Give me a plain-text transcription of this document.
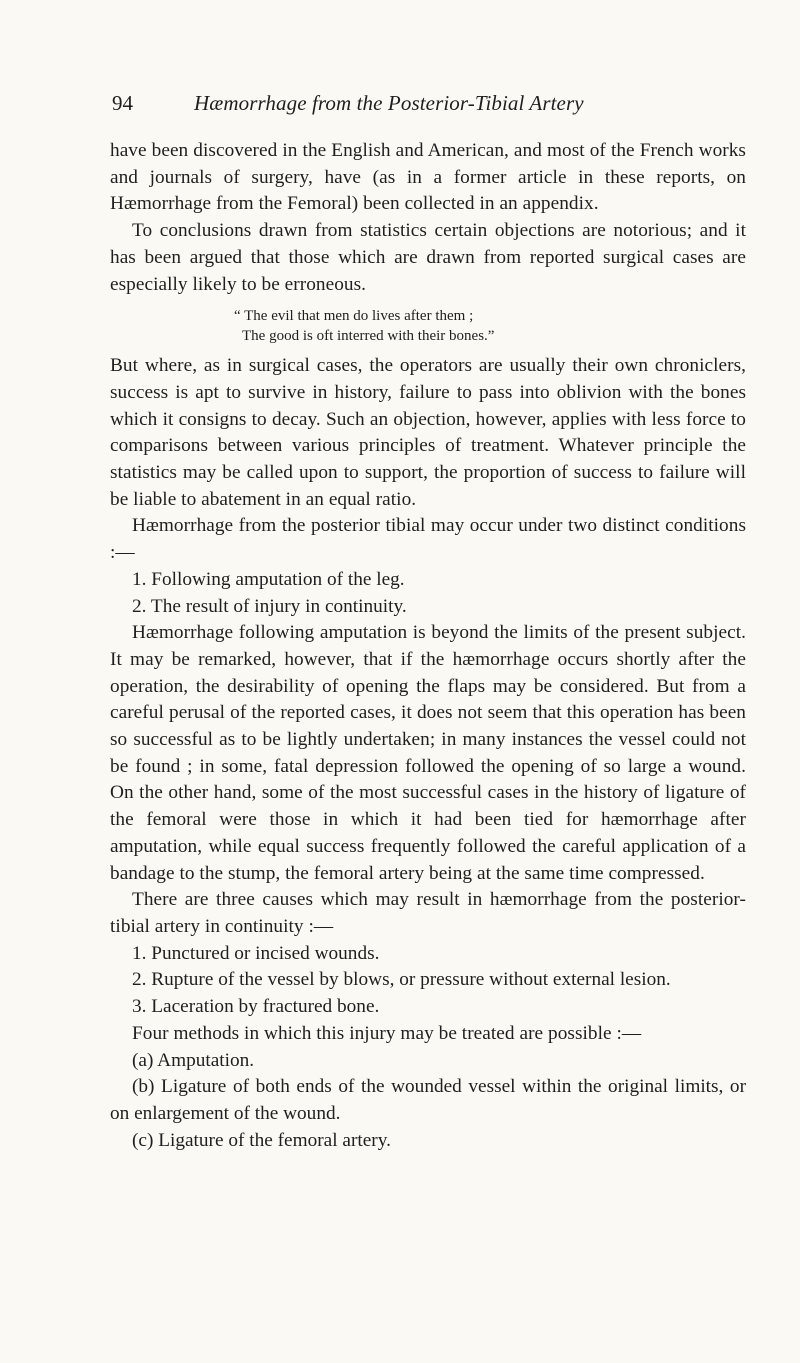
94	Hæmorrhage from the Posterior-Tibial Artery

have been discovered in the English and American, and most of the French works and journals of surgery, have (as in a former article in these reports, on Hæmorrhage from the Femoral) been collected in an appendix.

To conclusions drawn from statistics certain objections are notorious; and it has been argued that those which are drawn from reported surgical cases are especially likely to be erroneous.

“ The evil that men do lives after them ;
The good is oft interred with their bones.”

But where, as in surgical cases, the operators are usually their own chroniclers, success is apt to survive in history, failure to pass into oblivion with the bones which it consigns to decay. Such an objection, however, applies with less force to comparisons between various principles of treatment. Whatever principle the statistics may be called upon to support, the proportion of success to failure will be liable to abatement in an equal ratio.

Hæmorrhage from the posterior tibial may occur under two distinct conditions :—

1. Following amputation of the leg.

2. The result of injury in continuity.

Hæmorrhage following amputation is beyond the limits of the present subject. It may be remarked, however, that if the hæmorrhage occurs shortly after the operation, the desirability of opening the flaps may be considered. But from a careful perusal of the reported cases, it does not seem that this operation has been so successful as to be lightly undertaken; in many instances the vessel could not be found ; in some, fatal depression followed the opening of so large a wound. On the other hand, some of the most successful cases in the history of ligature of the femoral were those in which it had been tied for hæmorrhage after amputation, while equal success frequently followed the careful application of a bandage to the stump, the femoral artery being at the same time compressed.

There are three causes which may result in hæmorrhage from the posterior-tibial artery in continuity :—

1. Punctured or incised wounds.

2. Rupture of the vessel by blows, or pressure without external lesion.

3. Laceration by fractured bone.

Four methods in which this injury may be treated are possible :—

(a) Amputation.

(b) Ligature of both ends of the wounded vessel within the original limits, or on enlargement of the wound.

(c) Ligature of the femoral artery.
